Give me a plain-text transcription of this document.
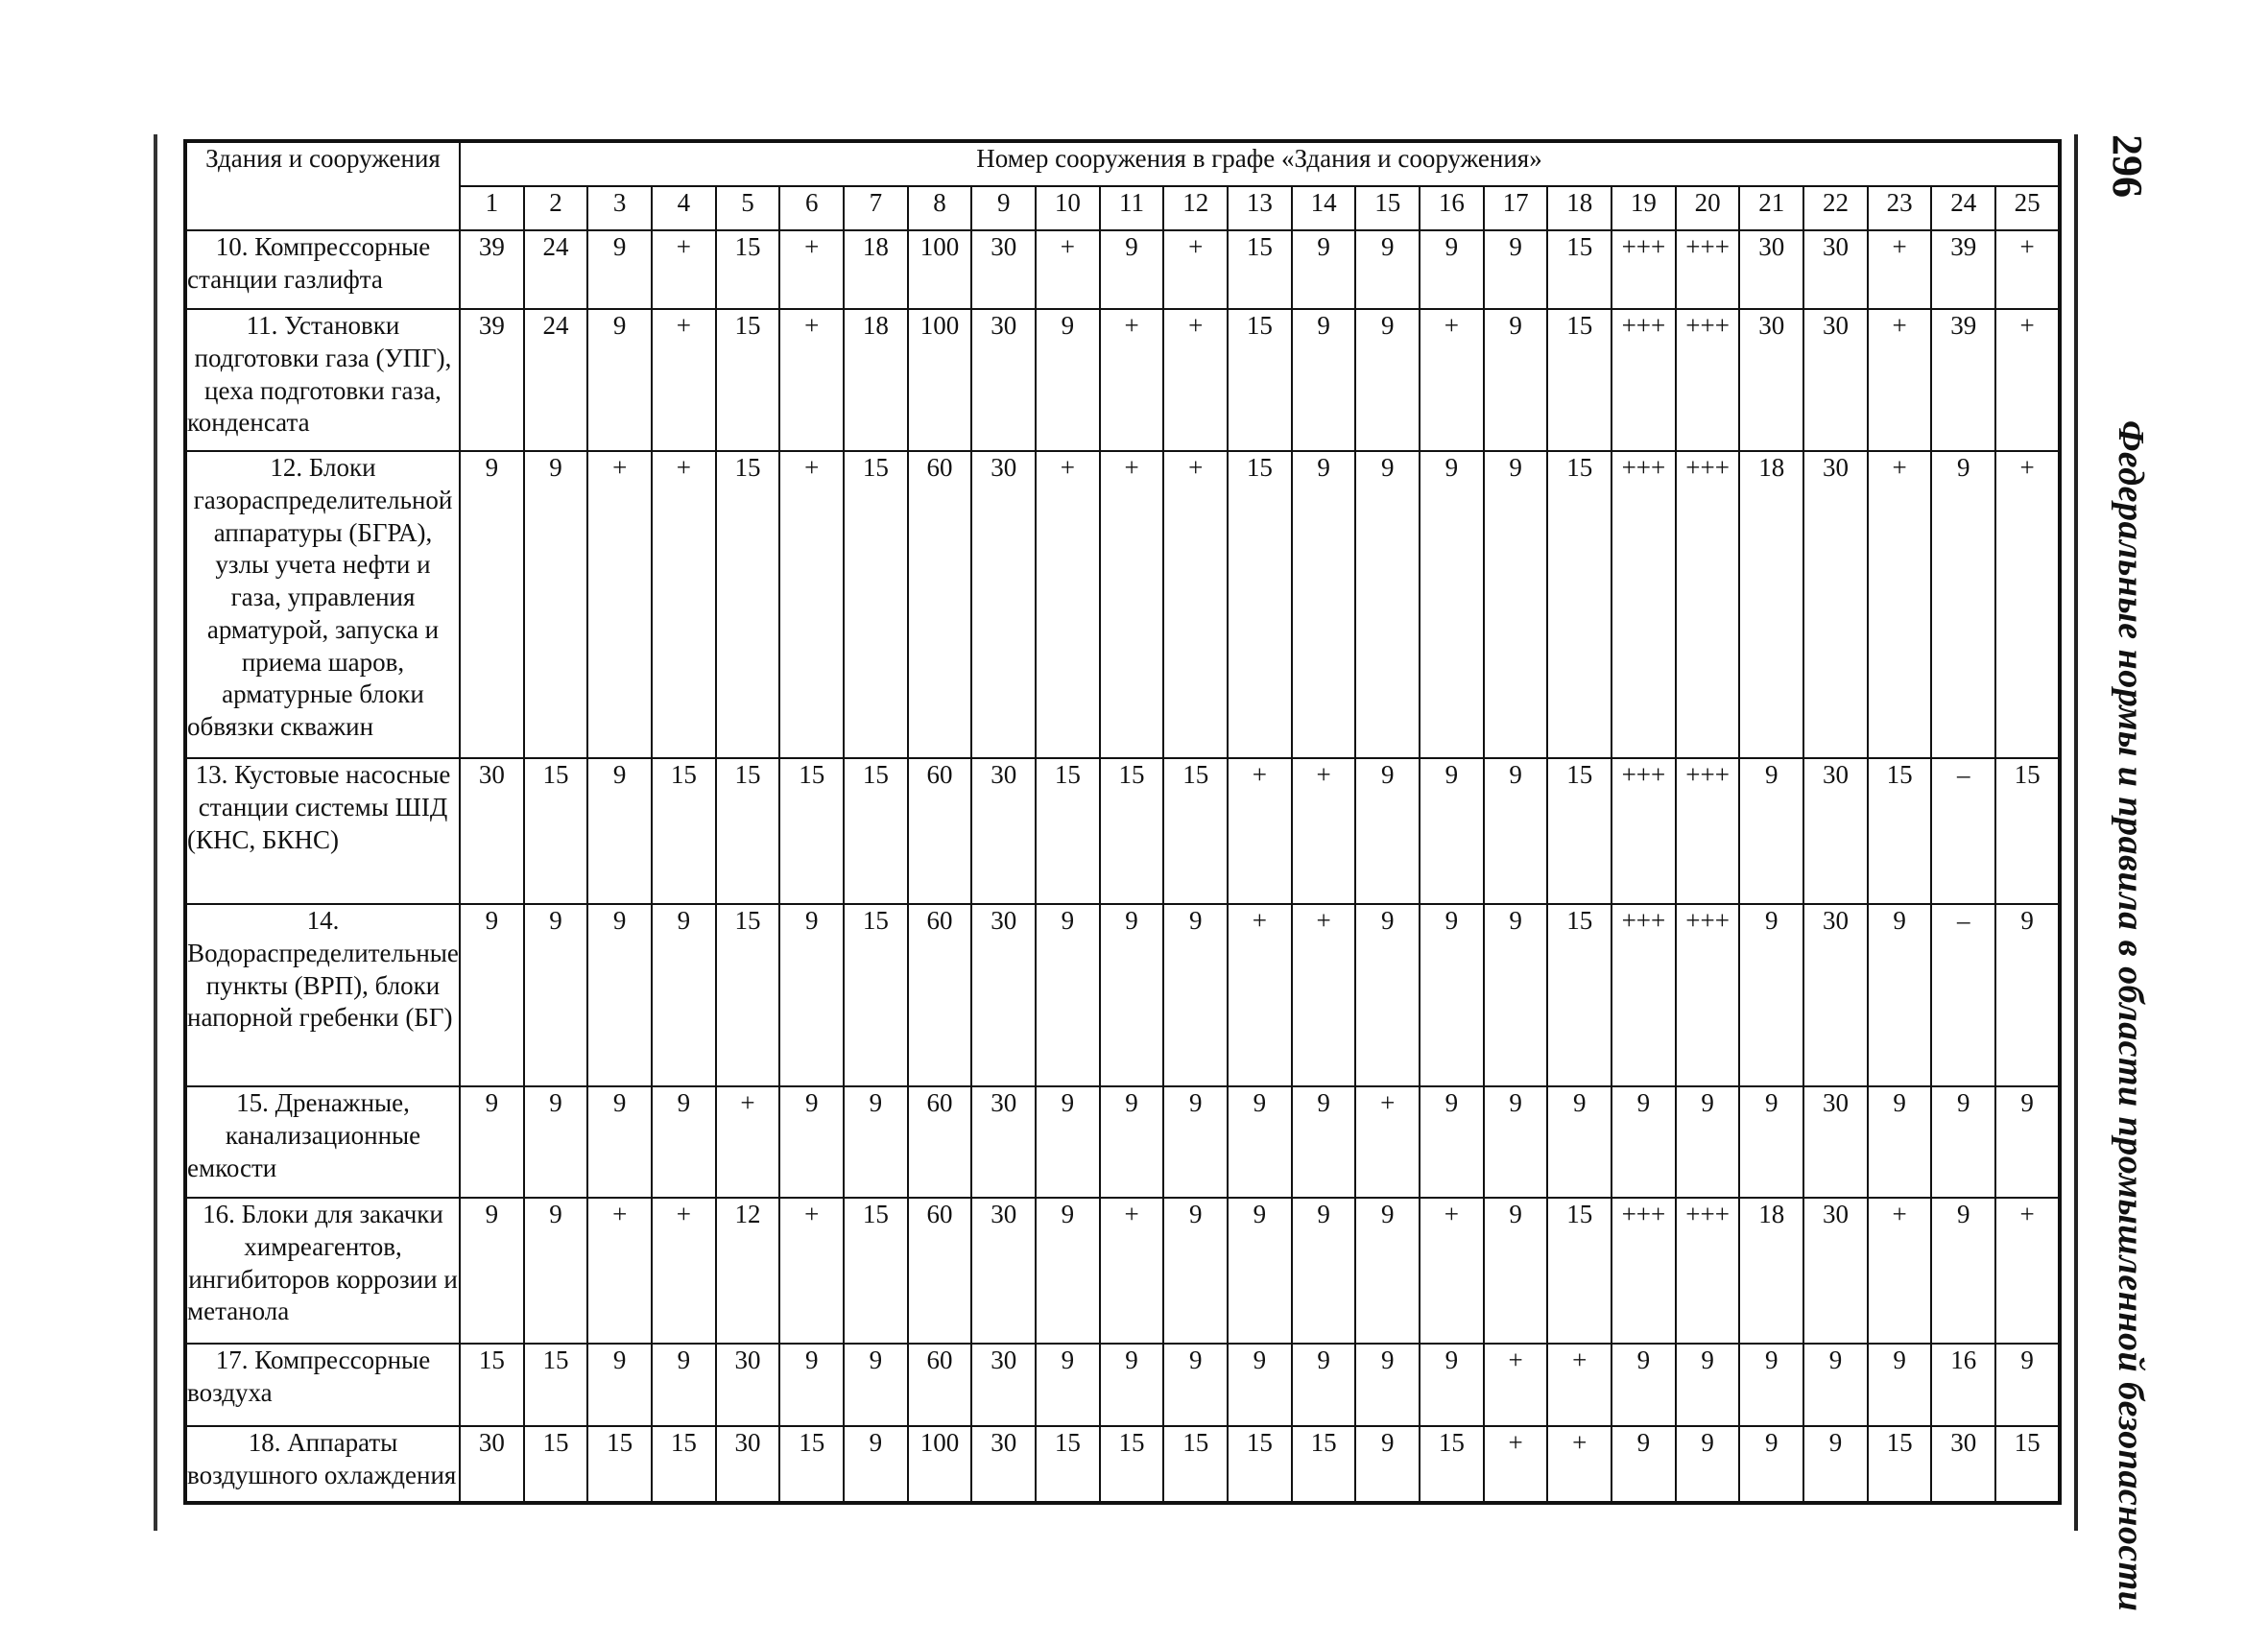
Здания и сооружения	Номер сооружения в графе «Здания и сооружения»																								
	1	2	3	4	5	6	7	8	9	10	11	12	13	14	15	16	17	18	19	20	21	22	23	24	25
10. Компрессорные станции газлифта	39	24	9	+	15	+	18	100	30	+	9	+	15	9	9	9	9	15	+++	+++	30	30	+	39	+
11. Установки подготовки газа (УПГ), цеха подготовки газа, конденсата	39	24	9	+	15	+	18	100	30	9	+	+	15	9	9	+	9	15	+++	+++	30	30	+	39	+
12. Блоки газораспределительной аппаратуры (БГРА), узлы учета нефти и газа, управления арматурой, запуска и приема шаров, арматурные блоки обвязки скважин	9	9	+	+	15	+	15	60	30	+	+	+	15	9	9	9	9	15	+++	+++	18	30	+	9	+
13. Кустовые насосные станции системы ШІД (КНС, БКНС)	30	15	9	15	15	15	15	60	30	15	15	15	+	+	9	9	9	15	+++	+++	9	30	15	–	15
14. Водораспределительные пункты (ВРП), блоки напорной гребенки (БГ)	9	9	9	9	15	9	15	60	30	9	9	9	+	+	9	9	9	15	+++	+++	9	30	9	–	9
15. Дренажные, канализационные емкости	9	9	9	9	+	9	9	60	30	9	9	9	9	9	+	9	9	9	9	9	9	30	9	9	9
16. Блоки для закачки химреагентов, ингибиторов коррозии и метанола	9	9	+	+	12	+	15	60	30	9	+	9	9	9	9	+	9	15	+++	+++	18	30	+	9	+
17. Компрессорные воздуха	15	15	9	9	30	9	9	60	30	9	9	9	9	9	9	9	+	+	9	9	9	9	9	16	9
18. Аппараты воздушного охлаждения	30	15	15	15	30	15	9	100	30	15	15	15	15	15	9	15	+	+	9	9	9	9	15	30	15
296
Федеральные нормы и правила в области промышленной безопасности
